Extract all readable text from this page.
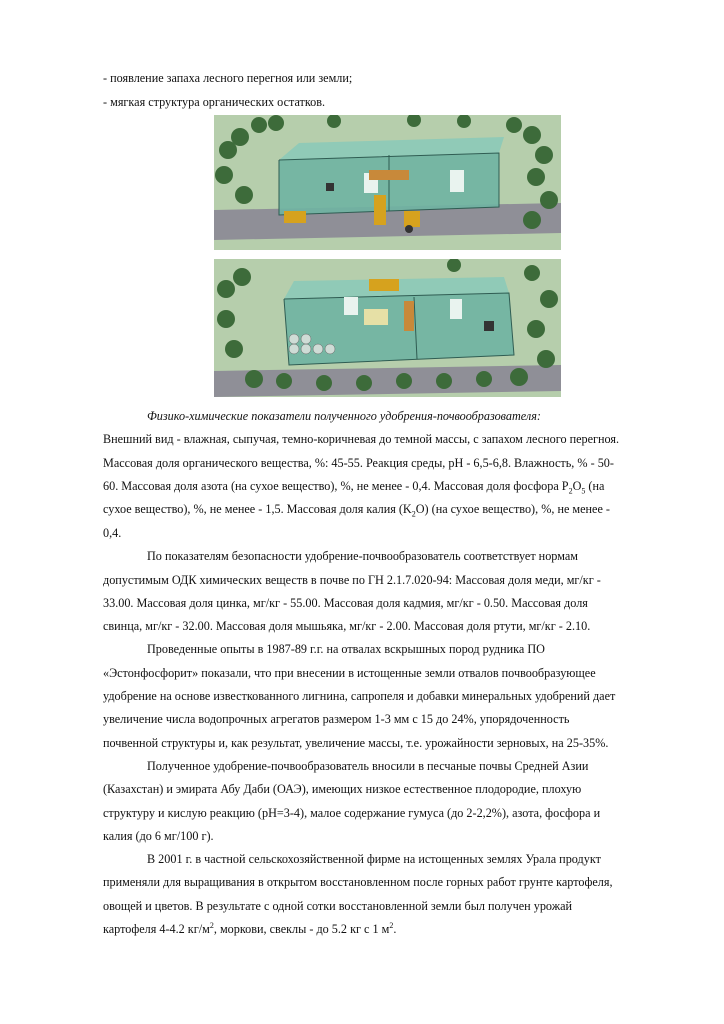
- появление запаха лесного перегноя или земли;
- мягкая структура органических остатков.
Физико-химические показатели полученного удобрения-почвообразователя:
Внешний вид - влажная, сыпучая, темно-коричневая до темной массы, с запахом лесного перегноя.
Массовая доля органического вещества, %: 45-55. Реакция среды, рН - 6,5-6,8. Влажность, % - 50-
60. Массовая доля азота (на сухое вещество), %, не менее - 0,4. Массовая доля фосфора $Р_2O_5$ (на
сухое вещество), %, не менее - 1,5. Массовая доля калия $(K_2O)$ (на сухое вещество), %, не менее -
0,4.
По показателям безопасности удобрение-почвообразователь соответствует нормам
допустимым ОДК химических веществ в почве по ГН 2.1.7.020-94: Массовая доля меди, мг/кг -
33.00. Массовая доля цинка, мг/кг - 55.00. Массовая доля кадмия, мг/кг - 0.50. Массовая доля
свинца, мг/кг - 32.00. Массовая доля мышьяка, мг/кг - 2.00. Массовая доля ртути, мг/кг - 2.10.
Проведенные опыты в 1987-89 г.г. на отвалах вскрышных пород рудника ПО
«Эстонфосфорит» показали, что при внесении в истощенные земли отвалов почвообразующее
удобрение на основе известкованного лигнина, сапропеля и добавки минеральных удобрений дает
увеличение числа водопрочных агрегатов размером 1-3 мм с 15 до 24%, упорядоченность
почвенной структуры и, как результат, увеличение массы, т.е. урожайности зерновых, на 25-35%.
Полученное удобрение-почвообразователь вносили в песчаные почвы Средней Азии
(Казахстан) и эмирата Абу Даби (ОАЭ), имеющих низкое естественное плодородие, плохую
структуру и кислую реакцию (рН=3-4), малое содержание гумуса (до 2-2,2%), азота, фосфора и
калия (до 6 мг/100 г).
В 2001 г. в частной сельскохозяйственной фирме на истощенных землях Урала продукт
применяли для выращивания в открытом восстановленном после горных работ грунте картофеля,
овощей и цветов. В результате с одной сотки восстановленной земли был получен урожай
картофеля 4-4.2 $кг/м^2$, моркови, свеклы - до 5.2 кг с 1 $м^2$.
